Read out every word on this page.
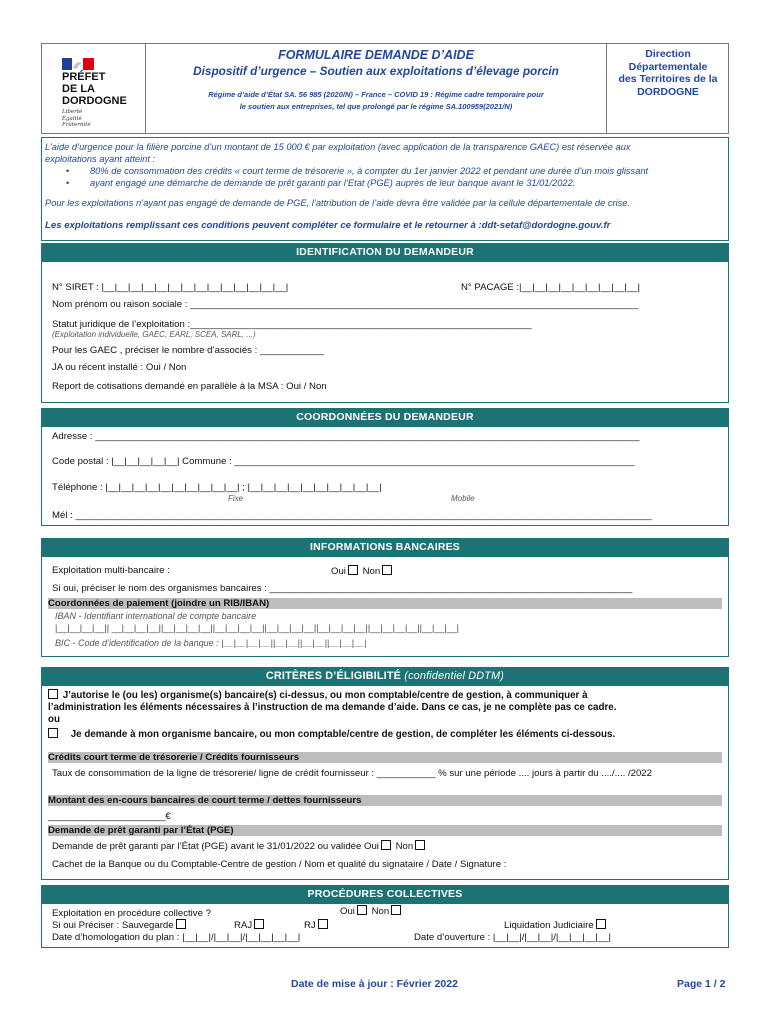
PRÉFET
DE LA
DORDOGNE
Liberté
Égalité
Fraternité
FORMULAIRE DEMANDE D’AIDE
Dispositif d’urgence – Soutien aux exploitations d’élevage porcin
Régime d’aide d’État SA. 56 985 (2020/N) – France – COVID 19 : Régime cadre temporaire pour
le soutien aux entreprises, tel que prolongé par le régime SA.100959(2021/N)
Direction
Départementale
des Territoires de la
DORDOGNE
L’aide d’urgence pour la filière porcine d’un montant de 15 000 € par exploitation (avec application de la transparence GAEC) est réservée aux
exploitations ayant atteint :
• 80% de consommation des crédits « court terme de trésorerie », à compter du 1er janvier 2022 et pendant une durée d’un mois glissant
• ayant engagé une démarche de demande de prêt garanti par l’Etat (PGE) auprès de leur banque avant le 31/01/2022.
Pour les exploitations n’ayant pas engagé de demande de PGE, l’attribution de l’aide devra être validée par la cellule départementale de crise.
Les exploitations remplissant ces conditions peuvent compléter ce formulaire et le retourner à :ddt-setaf@dordogne.gouv.fr
IDENTIFICATION DU DEMANDEUR
N° SIRET : |__|__|__|__|__|__|__|__|__|__|__|__|__|__|	N° PACAGE :|__|__|__|__|__|__|__|__|__|
Nom prénom ou raison sociale : ____________________________________________________________________________________
Statut juridique de l’exploitation :________________________________________________________________
(Exploitation individuelle, GAEC, EARL, SCEA, SARL, ...)
Pour les GAEC , préciser le nombre d’associés : ____________
JA ou récent installé : Oui / Non
Report de cotisations demandé en parallèle à la MSA : Oui / Non
COORDONNÉES DU DEMANDEUR
Adresse : ______________________________________________________________________________________________________
Code postal : |__|__|__|__|__| Commune : ___________________________________________________________________________
Téléphone : |__|__|__|__|__|__|__|__|__|__| ; |__|__|__|__|__|__|__|__|__|__|
Fixe	Mobile
Mél : ____________________________________________________________________________________________________________
INFORMATIONS BANCAIRES
Exploitation multi-bancaire :	Oui Non
Si oui, préciser le nom des organismes bancaires : ____________________________________________________________________
Coordonnées de paiement (joindre un RIB/IBAN)
IBAN - Identifiant international de compte bancaire
|__|__|__|__|| __|__|__|__||__|__|__|__||__|__|__|__||__|__|__|__||__|__|__|__||__|__|__|__||__|__|__|
BIC - Code d’identification de la banque : |__|__|__|__||__|__||__|__||__|__|__|
CRITÈRES D’ÉLIGIBILITÉ (confidentiel DDTM)
J’autorise le (ou les) organisme(s) bancaire(s) ci-dessus, ou mon comptable/centre de gestion, à communiquer à
l’administration les éléments nécessaires à l’instruction de ma demande d’aide. Dans ce cas, je ne complète pas ce cadre.
ou
Je demande à mon organisme bancaire, ou mon comptable/centre de gestion, de compléter les éléments ci-dessous.
Crédits court terme de trésorerie / Crédits fournisseurs
Taux de consommation de la ligne de trésorerie/ ligne de crédit fournisseur : ___________ % sur une période .... jours à partir du ..../.... /2022
Montant des en-cours bancaires de court terme / dettes fournisseurs
______________________€
Demande de prêt garanti par l’État (PGE)
Demande de prêt garanti par l’État (PGE) avant le 31/01/2022 ou validée Oui Non
Cachet de la Banque ou du Comptable-Centre de gestion / Nom et qualité du signataire / Date / Signature :
PROCÉDURES COLLECTIVES
Exploitation en procédure collective ?	Oui Non
Si oui Préciser : Sauvegarde	RAJ	RJ	Liquidation Judiciaire
Date d’homologation du plan : |__|__|/|__|__|/|__|__|__|__|	Date d’ouverture : |__|__|/|__|__|/|__|__|__|__|
Date de mise à jour : Février 2022	Page 1 / 2
